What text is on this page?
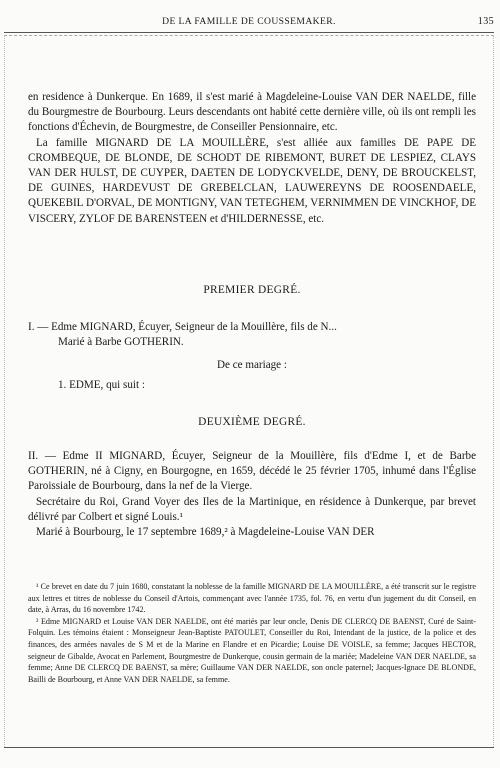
DE LA FAMILLE DE COUSSEMAKER.	135

en residence à Dunkerque. En 1689, il s'est marié à Magdeleine-Louise VAN DER NAELDE, fille du Bourgmestre de Bourbourg. Leurs descendants ont habité cette dernière ville, où ils ont rempli les fonctions d'Échevin, de Bourgmestre, de Conseiller Pensionnaire, etc.

La famille MIGNARD DE LA MOUILLÈRE, s'est alliée aux familles DE PAPE DE CROMBEQUE, DE BLONDE, DE SCHODT DE RIBEMONT, BURET DE LESPIEZ, CLAYS VAN DER HULST, DE CUYPER, DAETEN DE LODYCKVELDE, DENY, DE BROUCKELST, DE GUINES, HARDEVUST DE GREBELCLAN, LAUWEREYNS DE ROOSENDAELE, QUEKEBIL D'ORVAL, DE MONTIGNY, VAN TETEGHEM, VERNIMMEN DE VINCKHOF, DE VISCERY, ZYLOF DE BARENSTEEN et d'HILDERNESSE, etc.

PREMIER DEGRÉ.

I. — Edme MIGNARD, Écuyer, Seigneur de la Mouillère, fils de N...

Marié à Barbe GOTHERIN.

De ce mariage :

1. EDME, qui suit :

DEUXIÈME DEGRÉ.

II. — Edme II MIGNARD, Écuyer, Seigneur de la Mouillère, fils d'Edme I, et de Barbe GOTHERIN, né à Cigny, en Bourgogne, en 1659, décédé le 25 février 1705, inhumé dans l'Église Paroissiale de Bourbourg, dans la nef de la Vierge.

Secrétaire du Roi, Grand Voyer des Iles de la Martinique, en résidence à Dunkerque, par brevet délivré par Colbert et signé Louis.¹

Marié à Bourbourg, le 17 septembre 1689,² à Magdeleine-Louise VAN DER

¹ Ce brevet en date du 7 juin 1680, constatant la noblesse de la famille MIGNARD DE LA MOUILLÈRE, a été transcrit sur le registre aux lettres et titres de noblesse du Conseil d'Artois, commençant avec l'année 1735, fol. 76, en vertu d'un jugement du dit Conseil, en date, à Arras, du 16 novembre 1742.

² Edme MIGNARD et Louise VAN DER NAELDE, ont été mariés par leur oncle, Denis DE CLERCQ DE BAENST, Curé de Saint-Folquin. Les témoins étaient : Monseigneur Jean-Baptiste PATOULET, Conseiller du Roi, Intendant de la justice, de la police et des finances, des armées navales de S M et de la Marine en Flandre et en Picardie; Louise DE VOISLE, sa femme; Jacques HECTOR, seigneur de Gibalde, Avocat en Parlement, Bourgmestre de Dunkerque, cousin germain de la mariée; Madeleine VAN DER NAELDE, sa femme; Anne DE CLERCQ DE BAENST, sa mère; Guillaume VAN DER NAELDE, son oncle paternel; Jacques-Ignace DE BLONDE, Bailli de Bourbourg, et Anne VAN DER NAELDE, sa femme.
